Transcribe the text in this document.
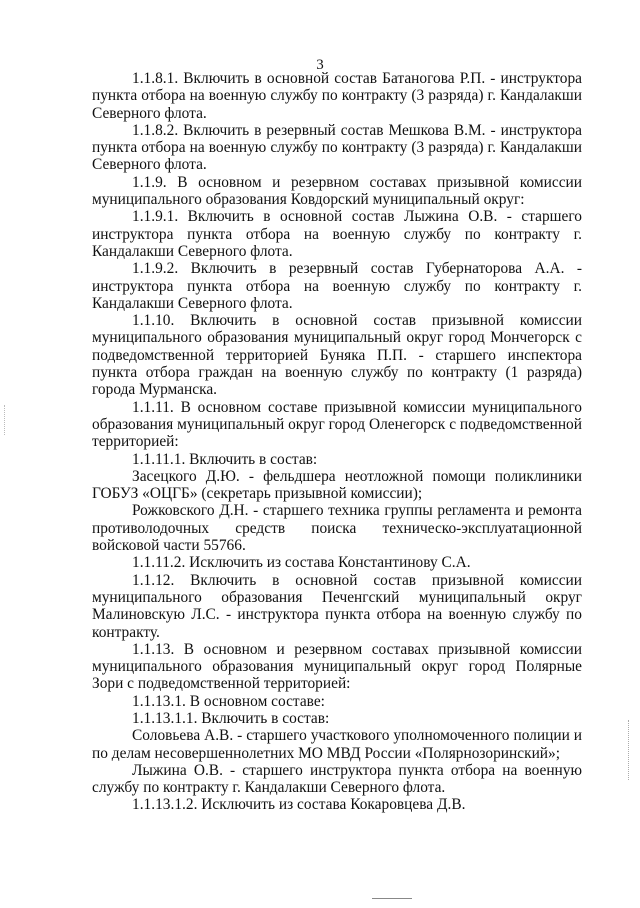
3

1.1.8.1. Включить в основной состав Батаногова Р.П. - инструктора пункта отбора на военную службу по контракту (3 разряда) г. Кандалакши Северного флота.

1.1.8.2. Включить в резервный состав Мешкова В.М. - инструктора пункта отбора на военную службу по контракту (3 разряда) г. Кандалакши Северного флота.

1.1.9. В основном и резервном составах призывной комиссии муниципального образования Ковдорский муниципальный округ:

1.1.9.1. Включить в основной состав Лыжина О.В. - старшего инструктора пункта отбора на военную службу по контракту г. Кандалакши Северного флота.

1.1.9.2. Включить в резервный состав Губернаторова А.А. - инструктора пункта отбора на военную службу по контракту г. Кандалакши Северного флота.

1.1.10. Включить в основной состав призывной комиссии муниципального образования муниципальный округ город Мончегорск с подведомственной территорией Буняка П.П. - старшего инспектора пункта отбора граждан на военную службу по контракту (1 разряда) города Мурманска.

1.1.11. В основном составе призывной комиссии муниципального образования муниципальный округ город Оленегорск с подведомственной территорией:

1.1.11.1. Включить в состав:

Засецкого Д.Ю. - фельдшера неотложной помощи поликлиники ГОБУЗ «ОЦГБ» (секретарь призывной комиссии);

Рожковского Д.Н. - старшего техника группы регламента и ремонта противолодочных средств поиска техническо-эксплуатационной войсковой части 55766.

1.1.11.2. Исключить из состава Константинову С.А.

1.1.12. Включить в основной состав призывной комиссии муниципального образования Печенгский муниципальный округ Малиновскую Л.С. - инструктора пункта отбора на военную службу по контракту.

1.1.13. В основном и резервном составах призывной комиссии муниципального образования муниципальный округ город Полярные Зори с подведомственной территорией:

1.1.13.1. В основном составе:

1.1.13.1.1. Включить в состав:

Соловьева А.В. - старшего участкового уполномоченного полиции и по делам несовершеннолетних МО МВД России «Полярнозоринский»;

Лыжина О.В. - старшего инструктора пункта отбора на военную службу по контракту г. Кандалакши Северного флота.

1.1.13.1.2. Исключить из состава Кокаровцева Д.В.
